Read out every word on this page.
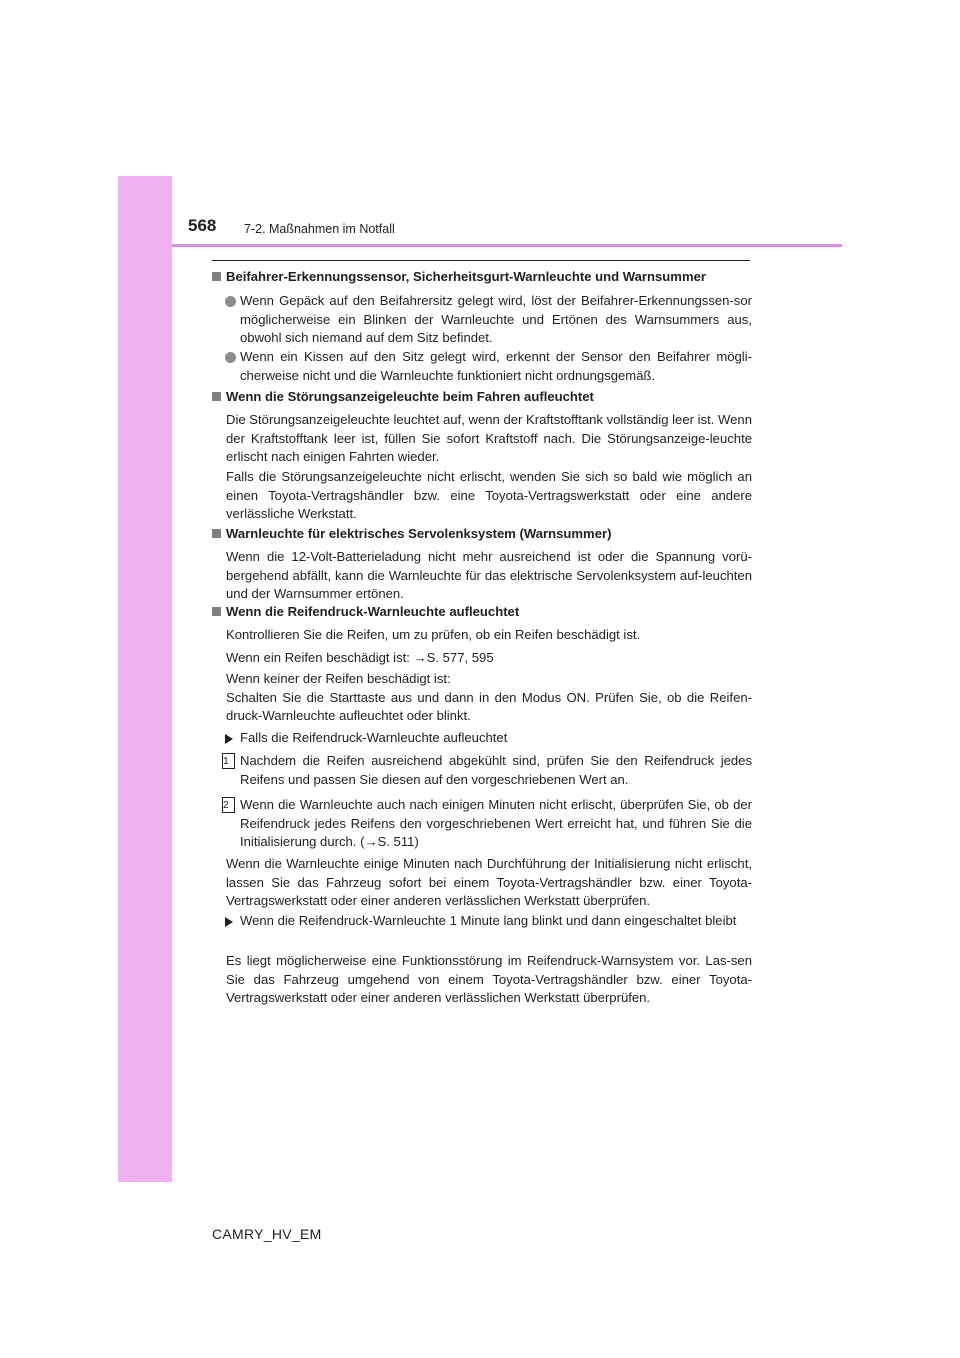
568 7-2. Maßnahmen im Notfall
Beifahrer-Erkennungssensor, Sicherheitsgurt-Warnleuchte und Warnsummer
Wenn Gepäck auf den Beifahrersitz gelegt wird, löst der Beifahrer-Erkennungssen-sor möglicherweise ein Blinken der Warnleuchte und Ertönen des Warnsummers aus, obwohl sich niemand auf dem Sitz befindet.
Wenn ein Kissen auf den Sitz gelegt wird, erkennt der Sensor den Beifahrer mögli-cherweise nicht und die Warnleuchte funktioniert nicht ordnungsgemäß.
Wenn die Störungsanzeigeleuchte beim Fahren aufleuchtet
Die Störungsanzeigeleuchte leuchtet auf, wenn der Kraftstofftank vollständig leer ist. Wenn der Kraftstofftank leer ist, füllen Sie sofort Kraftstoff nach. Die Störungsanzeige-leuchte erlischt nach einigen Fahrten wieder.
Falls die Störungsanzeigeleuchte nicht erlischt, wenden Sie sich so bald wie möglich an einen Toyota-Vertragshändler bzw. eine Toyota-Vertragswerkstatt oder eine andere verlässliche Werkstatt.
Warnleuchte für elektrisches Servolenksystem (Warnsummer)
Wenn die 12-Volt-Batterieladung nicht mehr ausreichend ist oder die Spannung vorü-bergehend abfällt, kann die Warnleuchte für das elektrische Servolenksystem auf-leuchten und der Warnsummer ertönen.
Wenn die Reifendruck-Warnleuchte aufleuchtet
Kontrollieren Sie die Reifen, um zu prüfen, ob ein Reifen beschädigt ist.
Wenn ein Reifen beschädigt ist: →S. 577, 595
Wenn keiner der Reifen beschädigt ist:
Schalten Sie die Starttaste aus und dann in den Modus ON. Prüfen Sie, ob die Reifen-druck-Warnleuchte aufleuchtet oder blinkt.
Falls die Reifendruck-Warnleuchte aufleuchtet
1 Nachdem die Reifen ausreichend abgekühlt sind, prüfen Sie den Reifendruck jedes Reifens und passen Sie diesen auf den vorgeschriebenen Wert an.
2 Wenn die Warnleuchte auch nach einigen Minuten nicht erlischt, überprüfen Sie, ob der Reifendruck jedes Reifens den vorgeschriebenen Wert erreicht hat, und führen Sie die Initialisierung durch. (→S. 511)
Wenn die Warnleuchte einige Minuten nach Durchführung der Initialisierung nicht erlischt, lassen Sie das Fahrzeug sofort bei einem Toyota-Vertragshändler bzw. einer Toyota-Vertragswerkstatt oder einer anderen verlässlichen Werkstatt überprüfen.
Wenn die Reifendruck-Warnleuchte 1 Minute lang blinkt und dann eingeschaltet bleibt
Es liegt möglicherweise eine Funktionsstörung im Reifendruck-Warnsystem vor. Las-sen Sie das Fahrzeug umgehend von einem Toyota-Vertragshändler bzw. einer Toyota-Vertragswerkstatt oder einer anderen verlässlichen Werkstatt überprüfen.
CAMRY_HV_EM
